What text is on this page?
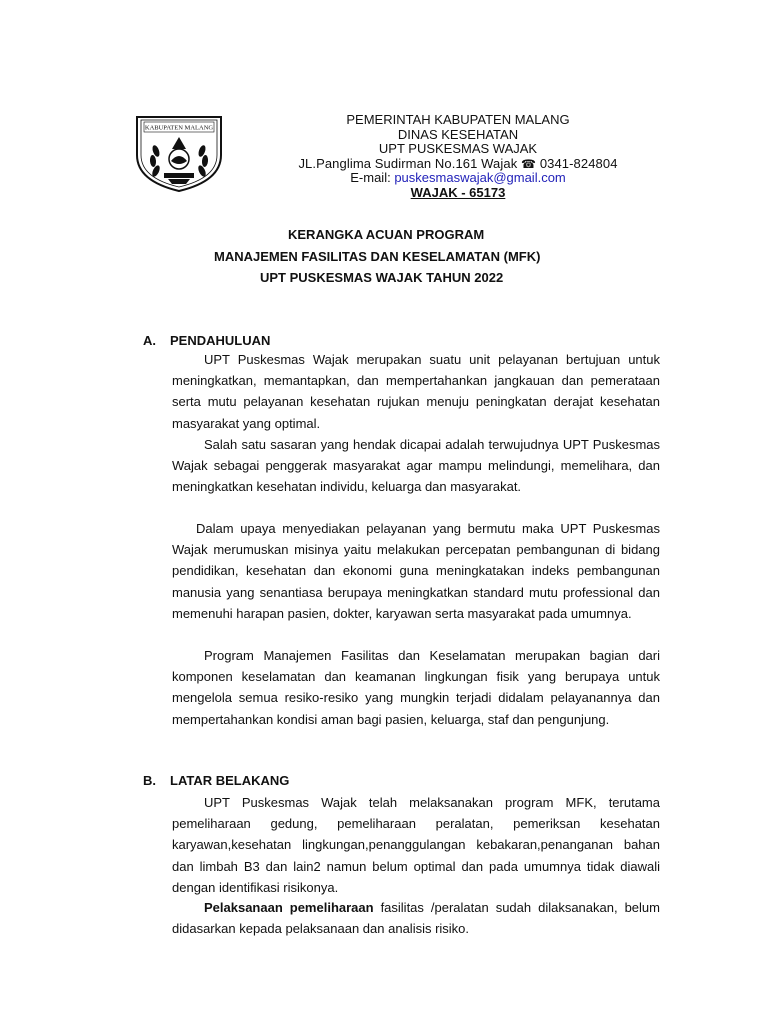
KABUPATEN MALANG
PEMERINTAH KABUPATEN MALANG
DINAS KESEHATAN
UPT PUSKESMAS WAJAK
JL.Panglima Sudirman No.161 Wajak ☎ 0341-824804
E-mail: puskesmaswajak@gmail.com
WAJAK - 65173
KERANGKA ACUAN PROGRAM
MANAJEMEN FASILITAS DAN KESELAMATAN (MFK)
UPT PUSKESMAS WAJAK TAHUN 2022
A. PENDAHULUAN
UPT Puskesmas Wajak merupakan suatu unit pelayanan bertujuan untuk meningkatkan, memantapkan, dan mempertahankan jangkauan dan pemerataan serta mutu pelayanan kesehatan rujukan menuju peningkatan derajat kesehatan masyarakat yang optimal.
Salah satu sasaran yang hendak dicapai adalah terwujudnya UPT Puskesmas Wajak sebagai penggerak masyarakat agar mampu melindungi, memelihara, dan meningkatkan kesehatan individu, keluarga dan masyarakat.
Dalam upaya menyediakan pelayanan yang bermutu maka UPT Puskesmas Wajak merumuskan misinya yaitu melakukan percepatan pembangunan di bidang pendidikan, kesehatan dan ekonomi guna meningkatakan indeks pembangunan manusia yang senantiasa berupaya meningkatkan standard mutu professional dan memenuhi harapan pasien, dokter, karyawan serta masyarakat pada umumnya.
Program Manajemen Fasilitas dan Keselamatan merupakan bagian dari komponen keselamatan dan keamanan lingkungan fisik yang berupaya untuk mengelola semua resiko-resiko yang mungkin terjadi didalam pelayanannya dan mempertahankan kondisi aman bagi pasien, keluarga, staf dan pengunjung.
B. LATAR BELAKANG
UPT Puskesmas Wajak telah melaksanakan program MFK, terutama pemeliharaan gedung, pemeliharaan peralatan, pemeriksan kesehatan karyawan,kesehatan lingkungan,penanggulangan kebakaran,penanganan bahan dan limbah B3 dan lain2 namun belum optimal dan pada umumnya tidak diawali dengan identifikasi risikonya.
Pelaksanaan pemeliharaan fasilitas /peralatan sudah dilaksanakan, belum didasarkan kepada pelaksanaan dan analisis risiko.
